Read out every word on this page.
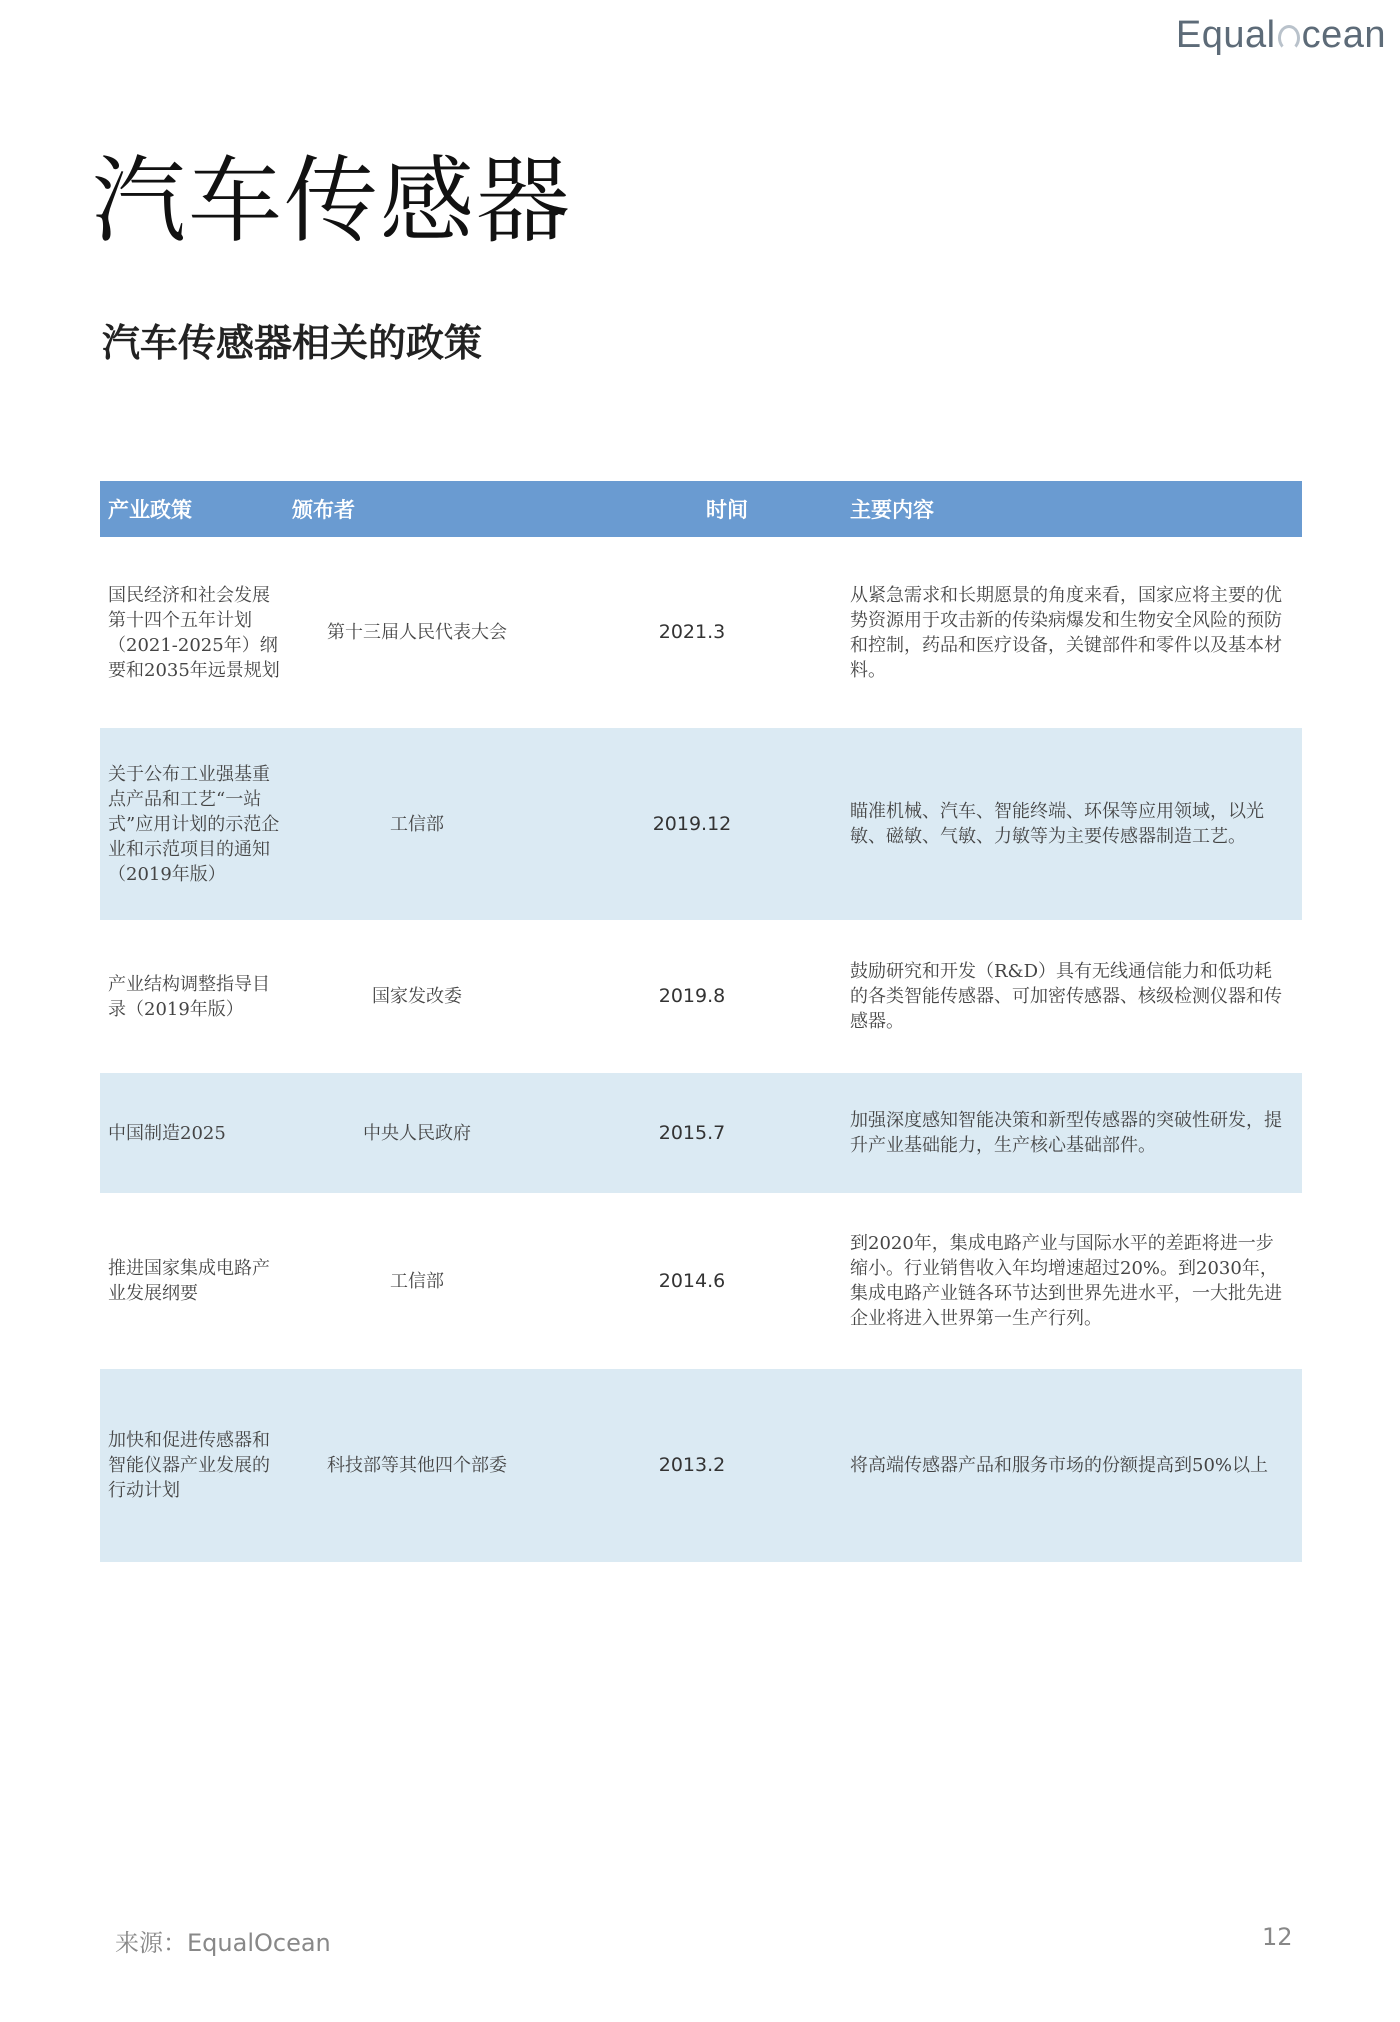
Equal cean
汽车传感器
汽车传感器相关的政策
产业政策 颁布者		时间	主要内容
国民经济和社会发展第十四个五年计划（2021-2025年）纲要和2035年远景规划	第十三届人民代表大会	2021.3	从紧急需求和长期愿景的角度来看，国家应将主要的优势资源用于攻击新的传染病爆发和生物安全风险的预防和控制，药品和医疗设备，关键部件和零件以及基本材料。
关于公布工业强基重点产品和工艺“一站式”应用计划的示范企业和示范项目的通知（2019年版）	工信部	2019.12	瞄准机械、汽车、智能终端、环保等应用领域，以光敏、磁敏、气敏、力敏等为主要传感器制造工艺。
产业结构调整指导目录（2019年版）	国家发改委	2019.8	鼓励研究和开发（R&D）具有无线通信能力和低功耗的各类智能传感器、可加密传感器、核级检测仪器和传感器。
中国制造2025	中央人民政府	2015.7	加强深度感知智能决策和新型传感器的突破性研发，提升产业基础能力，生产核心基础部件。
推进国家集成电路产业发展纲要	工信部	2014.6	到2020年，集成电路产业与国际水平的差距将进一步缩小。行业销售收入年均增速超过20%。到2030年，集成电路产业链各环节达到世界先进水平，一大批先进企业将进入世界第一生产行列。
加快和促进传感器和智能仪器产业发展的行动计划	科技部等其他四个部委	2013.2	将高端传感器产品和服务市场的份额提高到50%以上
来源：EqualOcean	12
